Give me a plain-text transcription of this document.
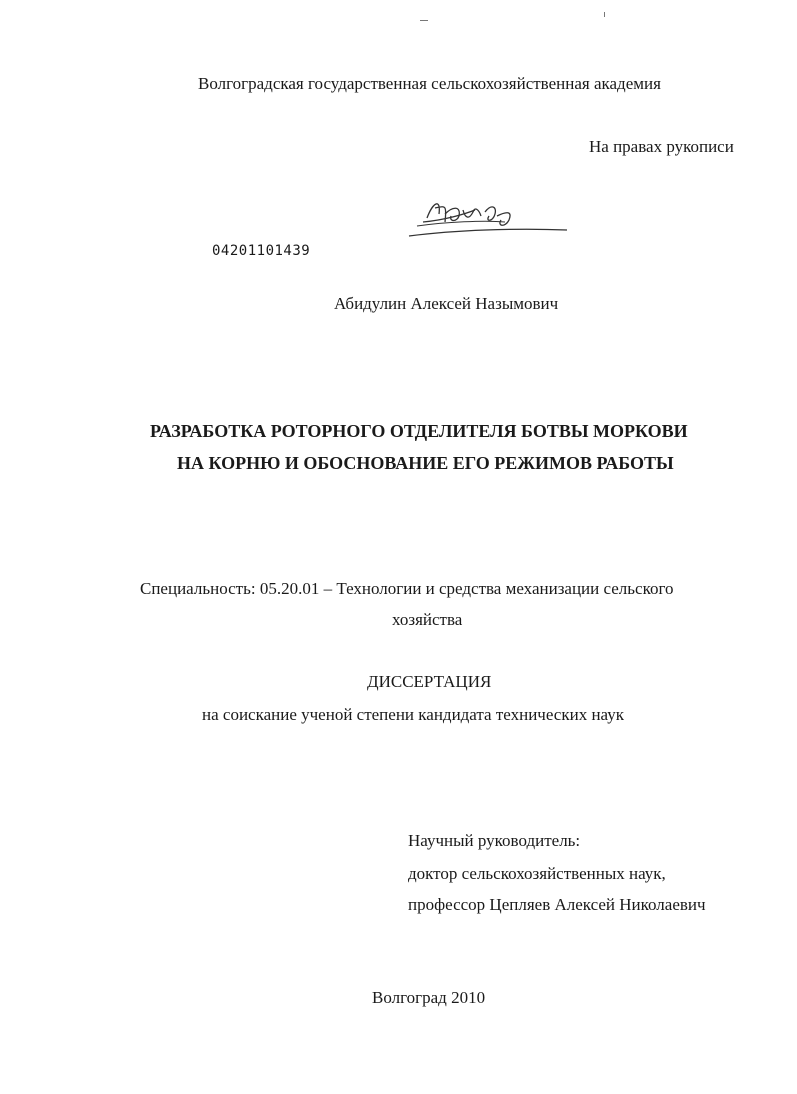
Волгоградская государственная сельскохозяйственная академия
На правах рукописи
04201101439
Абидулин Алексей Назымович
РАЗРАБОТКА РОТОРНОГО ОТДЕЛИТЕЛЯ БОТВЫ МОРКОВИ
НА КОРНЮ И ОБОСНОВАНИЕ ЕГО РЕЖИМОВ РАБОТЫ
Специальность: 05.20.01 – Технологии и средства механизации сельского
хозяйства
ДИССЕРТАЦИЯ
на соискание ученой степени кандидата технических наук
Научный руководитель:
доктор сельскохозяйственных наук,
профессор Цепляев Алексей Николаевич
Волгоград 2010
